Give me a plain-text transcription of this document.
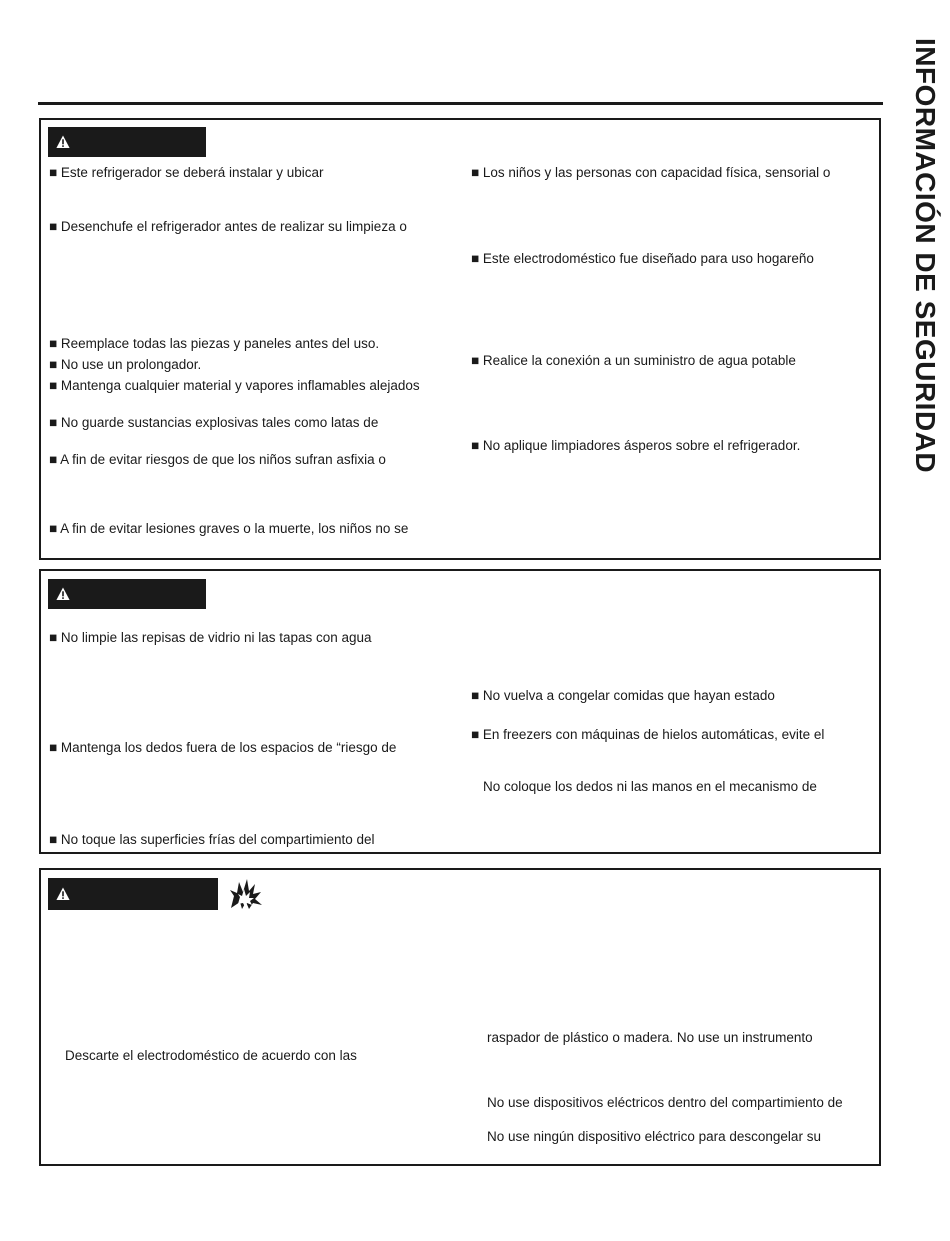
INFORMACIÓN DE SEGURIDAD
■ Este refrigerador se deberá instalar y ubicar
■ Desenchufe el refrigerador antes de realizar su limpieza o
■ Reemplace todas las piezas y paneles antes del uso.
■ No use un prolongador.
■ Mantenga cualquier material y vapores inflamables alejados
■ No guarde sustancias explosivas tales como latas de
■ A fin de evitar riesgos de que los niños sufran asfixia o
■ A fin de evitar lesiones graves o la muerte, los niños no se
■ Los niños y las personas con capacidad física, sensorial o
■ Este electrodoméstico fue diseñado para uso hogareño
■ Realice la conexión a un suministro de agua potable
■ No aplique limpiadores ásperos sobre el refrigerador.
■ No limpie las repisas de vidrio ni las tapas con agua
■ Mantenga los dedos fuera de los espacios de “riesgo de
■ No toque las superficies frías del compartimiento del
■ No vuelva a congelar comidas que hayan estado
■ En freezers con máquinas de hielos automáticas, evite el
No coloque los dedos ni las manos en el mecanismo de
Descarte el electrodoméstico de acuerdo con las
raspador de plástico o madera. No use un instrumento
No use dispositivos eléctricos dentro del compartimiento de
No use ningún dispositivo eléctrico para descongelar su
